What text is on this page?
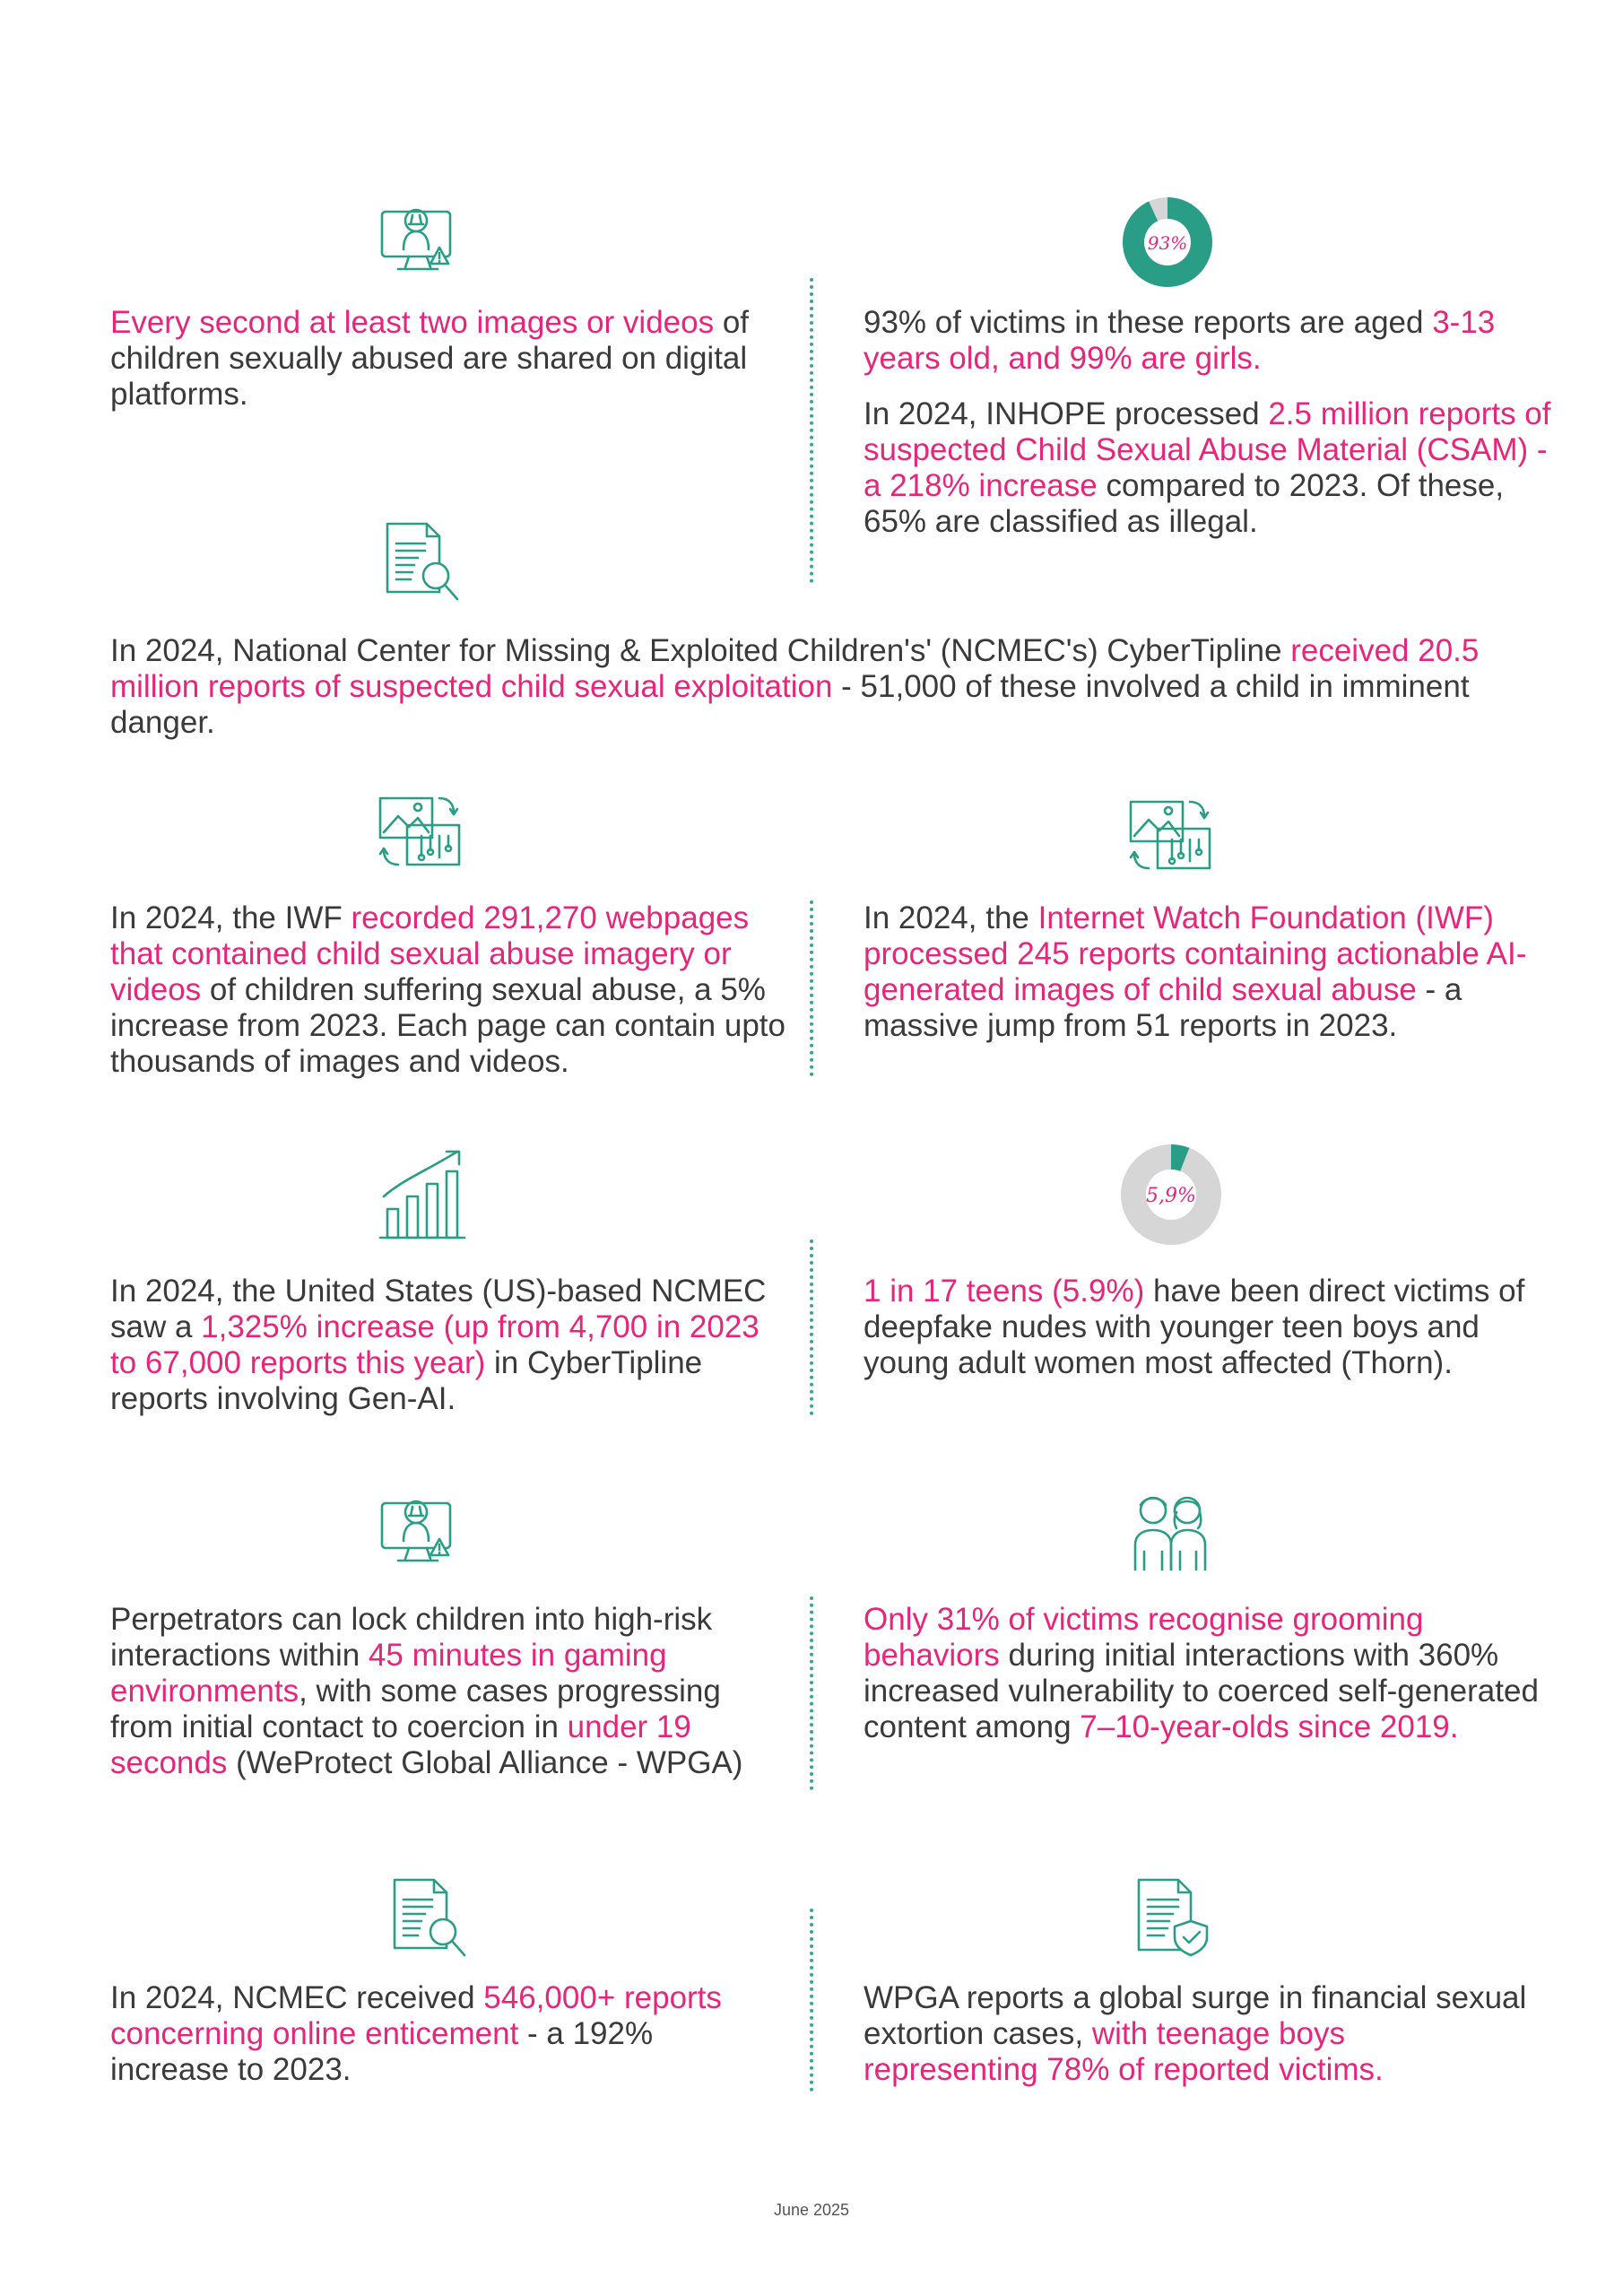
93%
5,9%
Every second at least two images or videos of children sexually abused are shared on digital platforms.
93% of victims in these reports are aged 3-13 years old, and 99% are girls.
In 2024, INHOPE processed 2.5 million reports of suspected Child Sexual Abuse Material (CSAM) - a 218% increase compared to 2023. Of these, 65% are classified as illegal.
In 2024, National Center for Missing & Exploited Children's' (NCMEC's) CyberTipline received 20.5 million reports of suspected child sexual exploitation - 51,000 of these involved a child in imminent danger.
In 2024, the IWF recorded 291,270 webpages that contained child sexual abuse imagery or videos of children suffering sexual abuse, a 5% increase from 2023. Each page can contain upto thousands of images and videos.
In 2024, the Internet Watch Foundation (IWF) processed 245 reports containing actionable AI-generated images of child sexual abuse - a massive jump from 51 reports in 2023.
In 2024, the United States (US)-based NCMEC saw a 1,325% increase (up from 4,700 in 2023 to 67,000 reports this year) in CyberTipline reports involving Gen-AI.
1 in 17 teens (5.9%) have been direct victims of deepfake nudes with younger teen boys and young adult women most affected (Thorn).
Perpetrators can lock children into high-risk interactions within 45 minutes in gaming environments, with some cases progressing from initial contact to coercion in under 19 seconds (WeProtect Global Alliance - WPGA)
Only 31% of victims recognise grooming behaviors during initial interactions with 360% increased vulnerability to coerced self-generated content among 7–10-year-olds since 2019.
In 2024, NCMEC received 546,000+ reports concerning online enticement - a 192% increase to 2023.
WPGA reports a global surge in financial sexual extortion cases, with teenage boys representing 78% of reported victims.
June 2025
